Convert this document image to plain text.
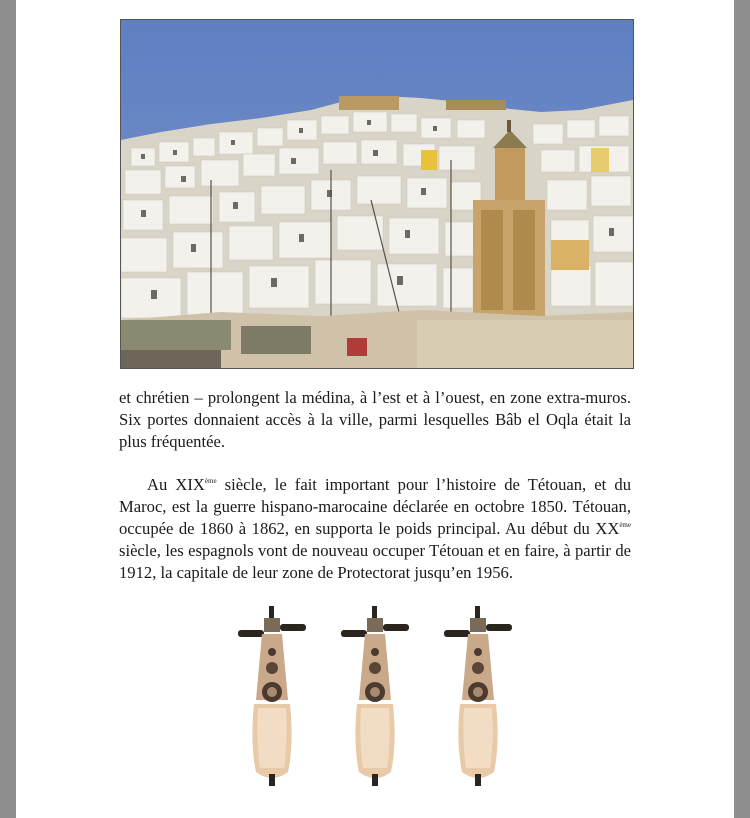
et chrétien – prolongent la médina, à l’est et à l’ouest, en zone extra-muros. Six portes donnaient accès à la ville, parmi lesquelles Bâb el Oqla était la plus fréquentée.

Au XIXème siècle, le fait important pour l’histoire de Tétouan, et du Maroc, est la guerre hispano-marocaine déclarée en octobre 1850. Tétouan, occupée de 1860 à 1862, en supporta le poids principal. Au début du XXème siècle, les espagnols vont de nouveau occuper Tétouan et en faire, à partir de 1912, la capitale de leur zone de Protectorat jusqu’en 1956.
